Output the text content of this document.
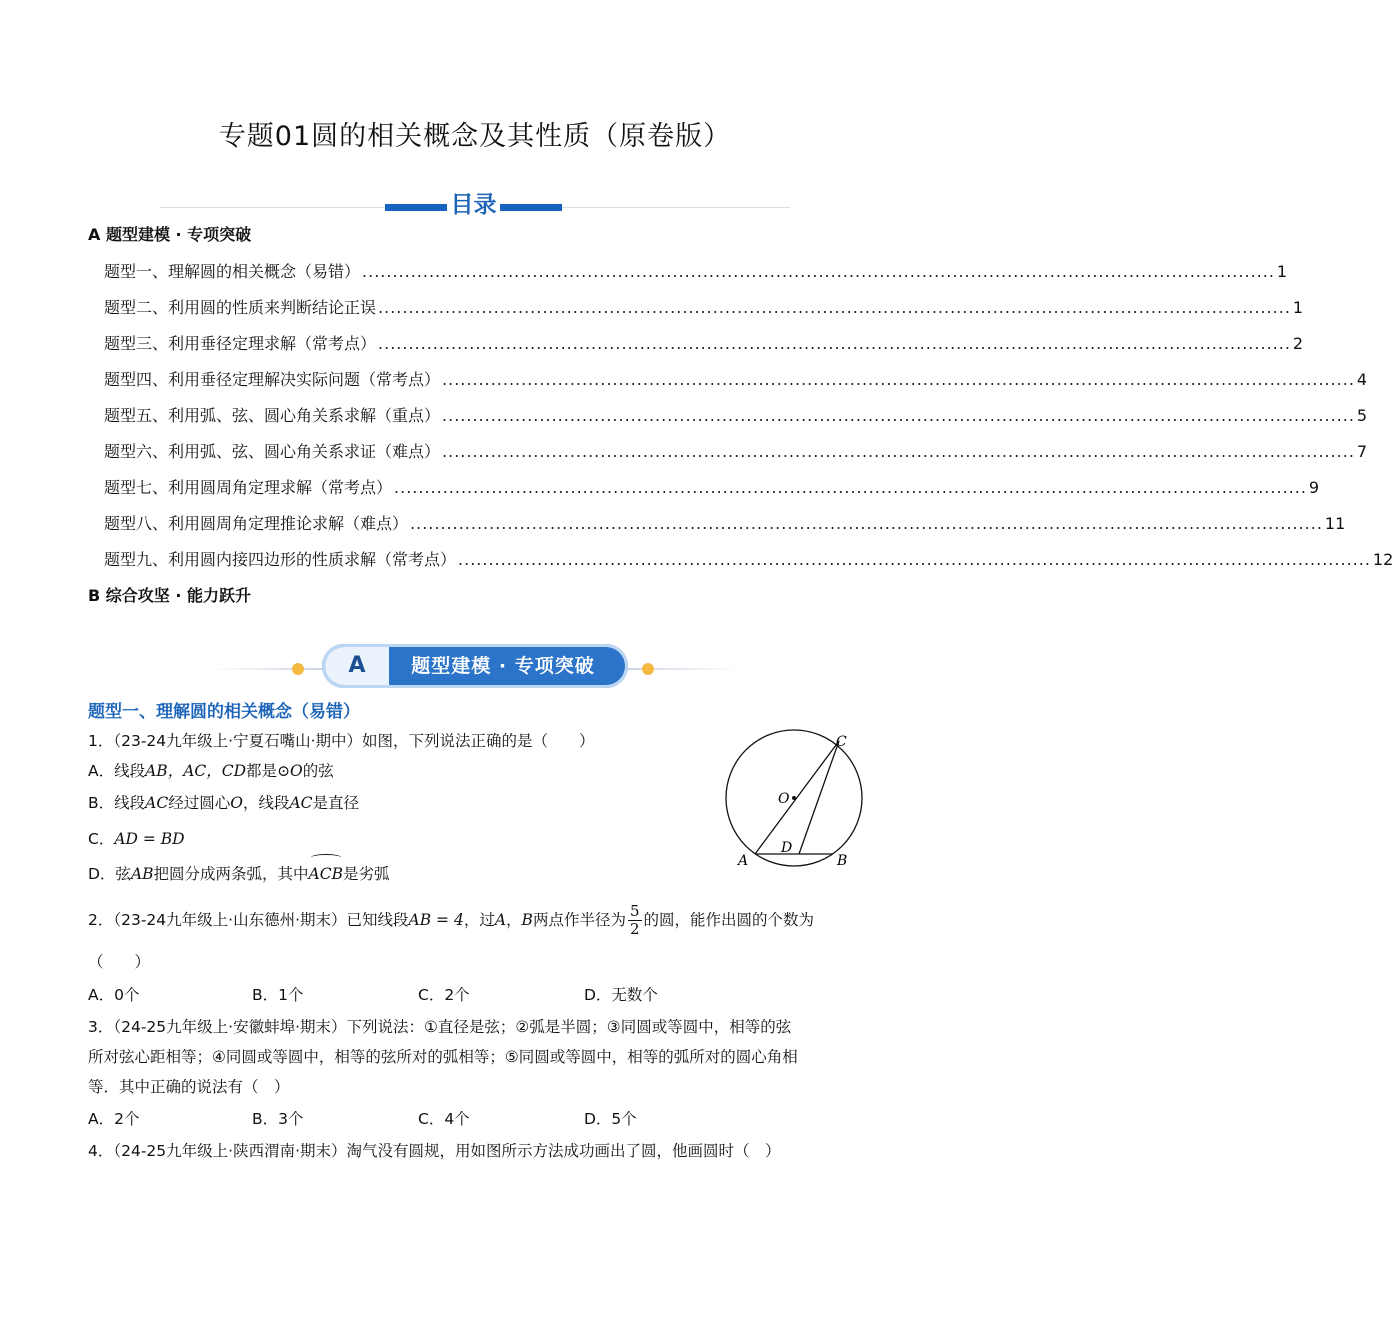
专题01圆的相关概念及其性质（原卷版）
目录
A 题型建模 · 专项突破
题型一、理解圆的相关概念（易错） ...................................................................................................................................................... 1
题型二、利用圆的性质来判断结论正误 ...................................................................................................................................................... 1
题型三、利用垂径定理求解（常考点） ...................................................................................................................................................... 2
题型四、利用垂径定理解决实际问题（常考点） ...................................................................................................................................................... 4
题型五、利用弧、弦、圆心角关系求解（重点） ...................................................................................................................................................... 5
题型六、利用弧、弦、圆心角关系求证（难点） ...................................................................................................................................................... 7
题型七、利用圆周角定理求解（常考点） ...................................................................................................................................................... 9
题型八、利用圆周角定理推论求解（难点） ...................................................................................................................................................... 11
题型九、利用圆内接四边形的性质求解（常考点） ...................................................................................................................................................... 12
B 综合攻坚 · 能力跃升
A	题型建模 · 专项突破
题型一、理解圆的相关概念（易错）
1．（23-24九年级上·宁夏石嘴山·期中）如图，下列说法正确的是（　　）
A．线段AB，AC，CD都是⊙O的弦
B．线段AC经过圆心O，线段AC是直径
C．AD = BD
D．弦AB把圆分成两条弧，其中
ACB是劣弧
C
O
D
A	B
2．（23-24九年级上·山东德州·期末）已知线段AB = 4，过A，B两点作半径为 $\frac{5}{2}$ 的圆，能作出圆的个数为
（　　）
A．0个	B．1个	C．2个	D．无数个
3．（24-25九年级上·安徽蚌埠·期末）下列说法：①直径是弦；②弧是半圆；③同圆或等圆中，相等的弦
所对弦心距相等；④同圆或等圆中，相等的弦所对的弧相等；⑤同圆或等圆中，相等的弧所对的圆心角相
等．其中正确的说法有（　）
A．2个	B．3个	C．4个	D．5个
4．（24-25九年级上·陕西渭南·期末）淘气没有圆规，用如图所示方法成功画出了圆，他画圆时（　）
